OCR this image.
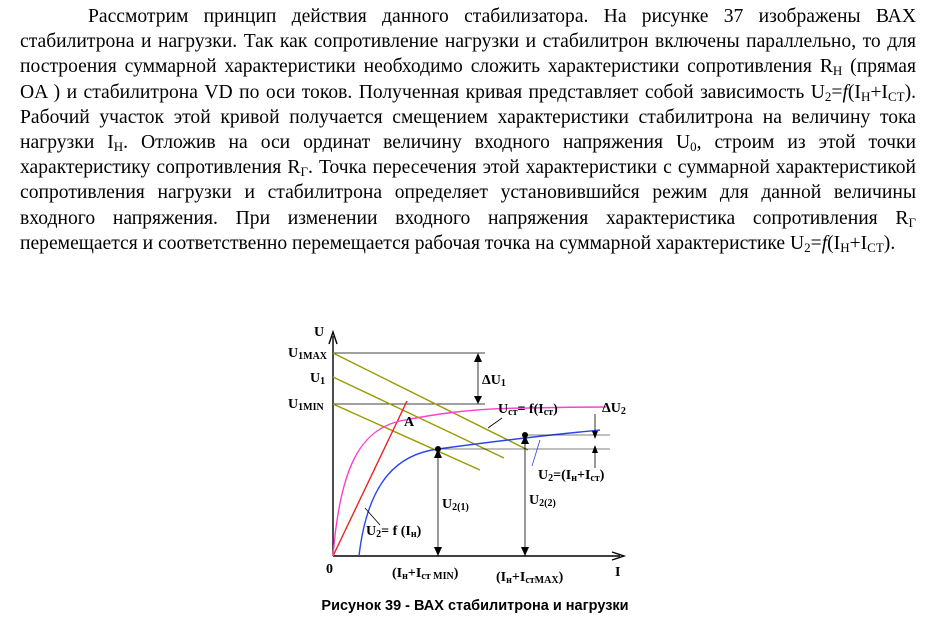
Рассмотрим принцип действия данного стабилизатора. На рисунке 37 изображены ВАХ стабилитрона и нагрузки. Так как сопротивление нагрузки и стабилитрон включены параллельно, то для построения суммарной характеристики необходимо сложить характеристики сопротивления $R_Н$ (прямая OA ) и стабилитрона VD по оси токов. Полученная кривая представляет собой зависимость $U_2=f(I_Н+I_{СТ})$. Рабочий участок этой кривой получается смещением характеристики стабилитрона на величину тока нагрузки $I_Н$. Отложив на оси ординат величину входного напряжения $U_0$, строим из этой точки характеристику сопротивления $R_Г$. Точка пересечения этой характеристики с суммарной характеристикой сопротивления нагрузки и стабилитрона определяет установившийся режим для данной величины входного напряжения. При изменении входного напряжения характеристика сопротивления $R_Г$ перемещается и соответственно перемещается рабочая точка на суммарной характеристике $U_2=f(I_Н+I_{СТ})$.
U
I
0
U1MAX
U1
U1MIN
A
ΔU1
ΔU2
Uст= f(Iст)
U2=(Iн+Iст)
U2= f (Iн)
U2(1)	U2(2)
(Iн+Iст MIN)	(Iн+IстMAX)
Рисунок 39 - ВАХ стабилитрона и нагрузки
